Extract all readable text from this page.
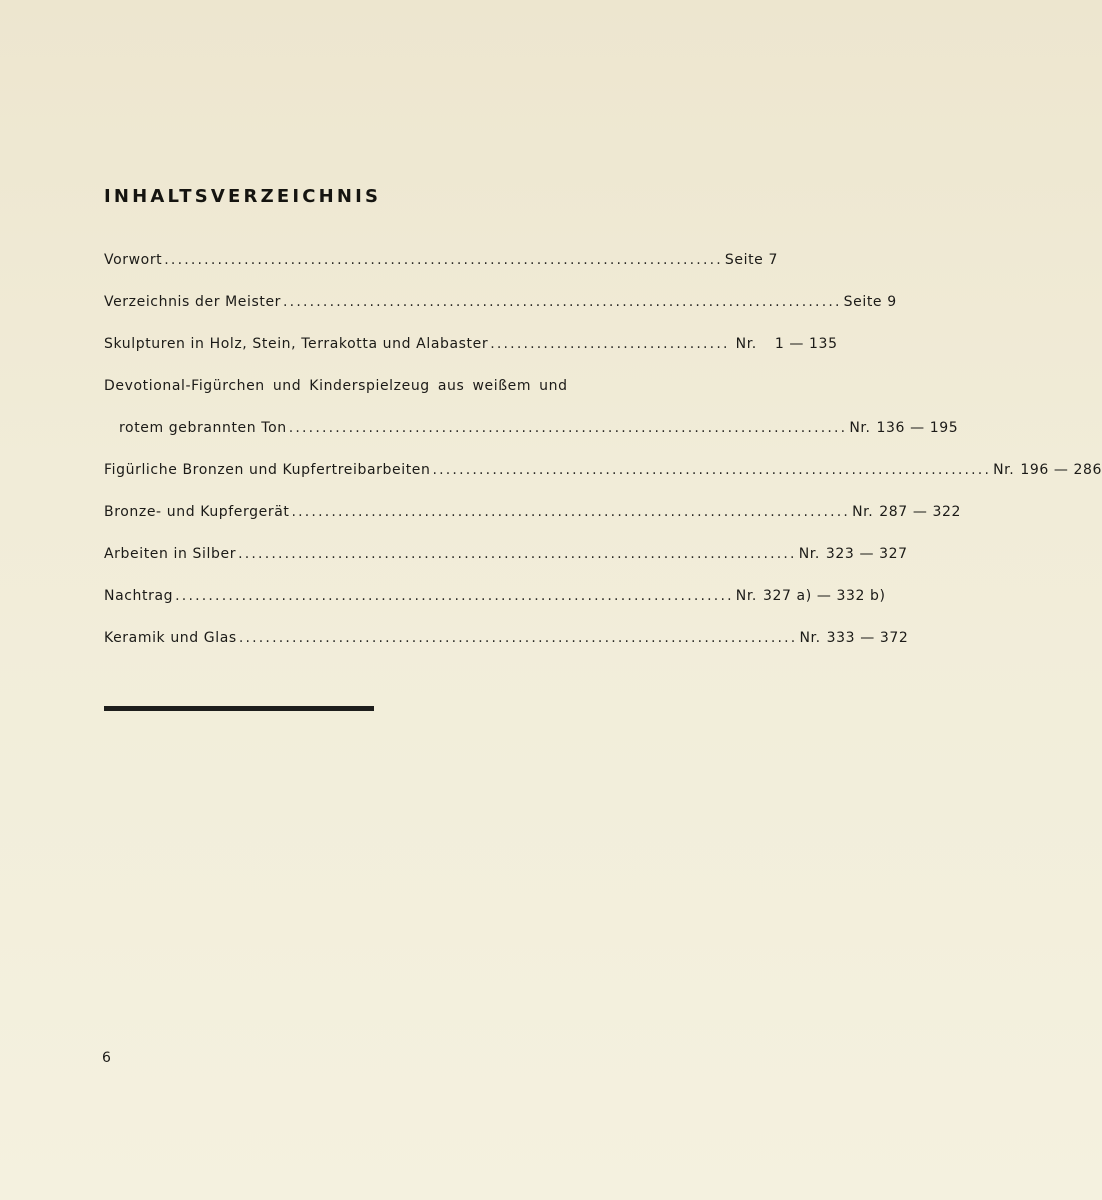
INHALTSVERZEICHNIS
Vorwort .................................................................................... Seite 7
Verzeichnis der Meister .................................................................................... Seite 9
Skulpturen in Holz, Stein, Terrakotta und Alabaster .................................... Nr. 1 — 135
Devotional-Figürchen und Kinderspielzeug aus weißem und
rotem gebrannten Ton .................................................................................... Nr. 136 — 195
Figürliche Bronzen und Kupfertreibarbeiten .................................................................................... Nr. 196 — 286
Bronze- und Kupfergerät .................................................................................... Nr. 287 — 322
Arbeiten in Silber .................................................................................... Nr. 323 — 327
Nachtrag .................................................................................... Nr. 327 a) — 332 b)
Keramik und Glas .................................................................................... Nr. 333 — 372
6
